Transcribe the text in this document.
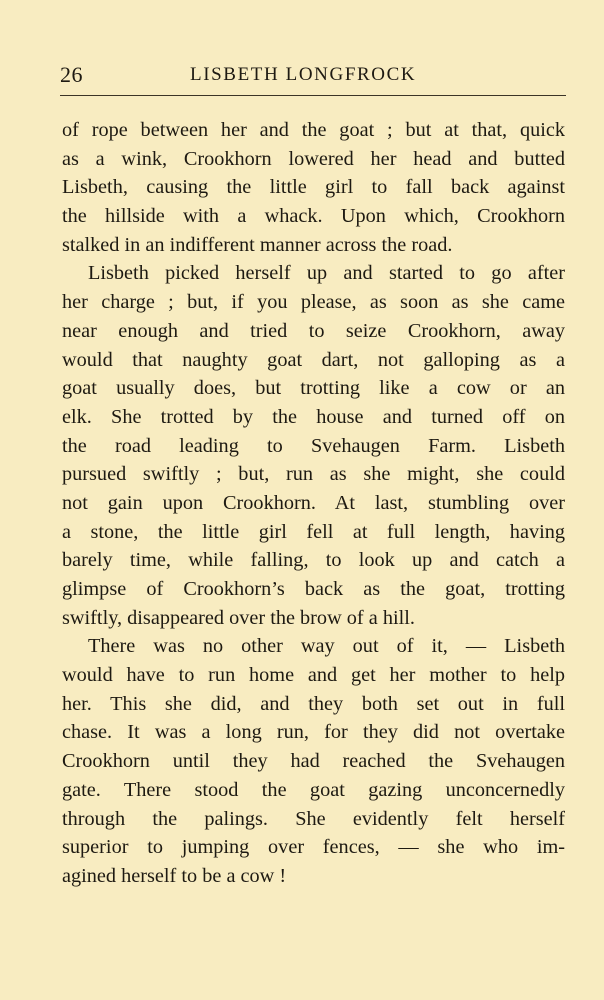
26	LISBETH LONGFROCK

of rope between her and the goat ; but at that, quick
as a wink, Crookhorn lowered her head and butted
Lisbeth, causing the little girl to fall back against
the hillside with a whack. Upon which, Crookhorn
stalked in an indifferent manner across the road.

Lisbeth picked herself up and started to go after
her charge ; but, if you please, as soon as she came
near enough and tried to seize Crookhorn, away
would that naughty goat dart, not galloping as a
goat usually does, but trotting like a cow or an
elk. She trotted by the house and turned off on
the road leading to Svehaugen Farm. Lisbeth
pursued swiftly ; but, run as she might, she could
not gain upon Crookhorn. At last, stumbling over
a stone, the little girl fell at full length, having
barely time, while falling, to look up and catch a
glimpse of Crookhorn’s back as the goat, trotting
swiftly, disappeared over the brow of a hill.

There was no other way out of it, — Lisbeth
would have to run home and get her mother to help
her. This she did, and they both set out in full
chase. It was a long run, for they did not overtake
Crookhorn until they had reached the Svehaugen
gate. There stood the goat gazing unconcernedly
through the palings. She evidently felt herself
superior to jumping over fences, — she who im-
agined herself to be a cow !
